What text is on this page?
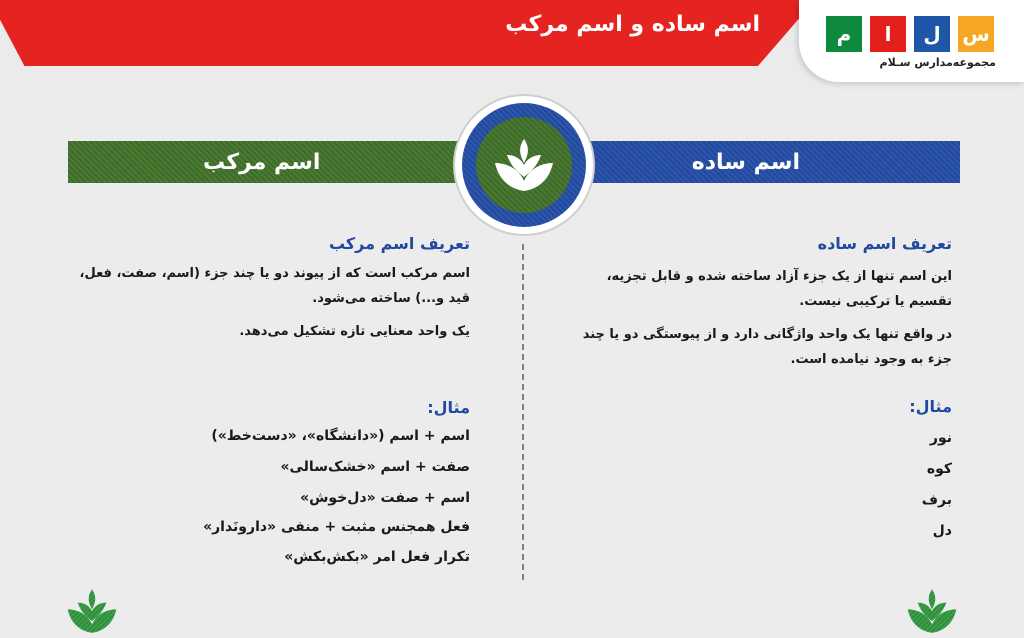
اسم ساده و اسم مرکب	س
ل
ا
م
مجموعه‌مدارس سـلام
اسم ساده
اسم مرکب

تعریف اسم ساده

این اسم تنها از یک جزء آزاد ساخته شده و قابل تجزیه، تقسیم یا ترکیبی نیست.

در واقع تنها یک واحد واژگانی دارد و از پیوستگی دو یا چند جزء به وجود نیامده است.

مثال:

نور

کوه

برف

دل

تعریف اسم مرکب

اسم مرکب است که از پیوند دو یا چند جزء (اسم، صفت، فعل، قید و...) ساخته می‌شود.

یک واحد معنایی تازه تشکیل می‌دهد.

مثال:

اسم + اسم («دانشگاه»، «دست‌خط»)

صفت + اسم «خشک‌سالی»

اسم + صفت «دل‌خوش»

فعل همجنس مثبت + منفی «دارونَدار»

تکرار فعل امر «بکش‌بکش»
